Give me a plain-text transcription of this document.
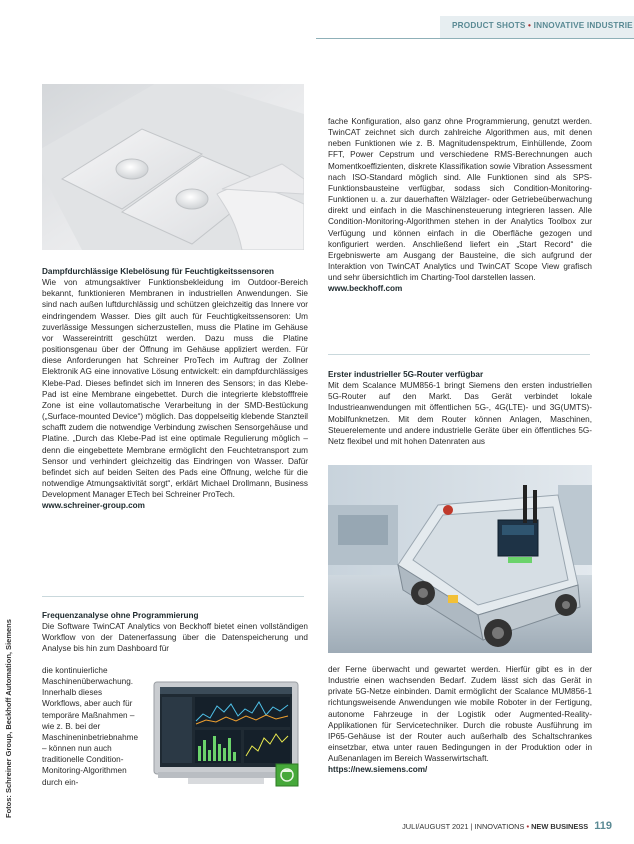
PRODUCT SHOTS • INNOVATIVE INDUSTRIE

Dampfdurchlässige Klebelösung für Feuchtigkeitssensoren

Wie von atmungsaktiver Funktionsbekleidung im Outdoor-Bereich bekannt, funktionieren Membranen in industriellen Anwendungen. Sie sind nach außen luftdurchlässig und schützen gleichzeitig das Innere vor eindringendem Wasser. Dies gilt auch für Feuchtigkeitssensoren: Um zuverlässige Messungen sicherzustellen, muss die Platine im Gehäuse vor Wassereintritt geschützt werden. Dazu muss die Platine positionsgenau über der Öffnung im Gehäuse appliziert werden. Für diese Anforderungen hat Schreiner ProTech im Auftrag der Zollner Elektronik AG eine innovative Lösung entwickelt: ein dampfdurchlässiges Klebe-Pad. Dieses befindet sich im Inneren des Sensors; in das Klebe-Pad ist eine Membrane eingebettet. Durch die integrierte klebstofffreie Zone ist eine vollautomatische Verarbeitung in der SMD-Bestückung („Surface-mounted Device“) möglich. Das doppelseitig klebende Stanzteil schafft zudem die notwendige Verbindung zwischen Sensorgehäuse und Platine. „Durch das Klebe-Pad ist eine optimale Regulierung möglich – denn die eingebettete Membrane ermöglicht den Feuchtetransport zum Sensor und verhindert gleichzeitig das Eindringen von Wasser. Dafür befindet sich auf beiden Seiten des Pads eine Öffnung, welche für die notwendige Atmungsaktivität sorgt“, erklärt Michael Drollmann, Business Development Manager ETech bei Schreiner ProTech.

www.schreiner-group.com

Frequenzanalyse ohne Programmierung

Die Software TwinCAT Analytics von Beckhoff bietet einen vollständigen Workflow von der Datenerfassung über die Datenspeicherung und Analyse bis hin zum Dashboard für

die kontinuierliche Maschinenüberwachung. Innerhalb dieses Workflows, aber auch für temporäre Maßnahmen – wie z. B. bei der Maschineninbetriebnahme – können nun auch traditionelle Condition-Monitoring-Algorithmen durch ein-

fache Konfiguration, also ganz ohne Programmierung, genutzt werden. TwinCAT zeichnet sich durch zahlreiche Algorithmen aus, mit denen neben Funktionen wie z. B. Magnitudenspektrum, Einhüllende, Zoom FFT, Power Cepstrum und verschiedene RMS-Berechnungen auch Momentkoeffizienten, diskrete Klassifikation sowie Vibration Assessment nach ISO-Standard möglich sind. Alle Funktionen sind als SPS-Funktionsbausteine verfügbar, sodass sich Condition-Monitoring-Funktionen u. a. zur dauerhaften Wälzlager- oder Getriebeüberwachung direkt und einfach in die Maschinensteuerung integrieren lassen. Alle Condition-Monitoring-Algorithmen stehen in der Analytics Toolbox zur Verfügung und können einfach in die Oberfläche gezogen und konfiguriert werden. Anschließend liefert ein „Start Record“ die Ergebniswerte am Ausgang der Bausteine, die sich aufgrund der Interaktion von TwinCAT Analytics und TwinCAT Scope View grafisch und sehr übersichtlich im Charting-Tool darstellen lassen.

www.beckhoff.com

Erster industrieller 5G-Router verfügbar

Mit dem Scalance MUM856-1 bringt Siemens den ersten industriellen 5G-Router auf den Markt. Das Gerät verbindet lokale Industrieanwendungen mit öffentlichen 5G-, 4G(LTE)- und 3G(UMTS)-Mobilfunknetzen. Mit dem Router können Anlagen, Maschinen, Steuerelemente und andere industrielle Geräte über ein öffentliches 5G-Netz flexibel und mit hohen Datenraten aus

der Ferne überwacht und gewartet werden. Hierfür gibt es in der Industrie einen wachsenden Bedarf. Zudem lässt sich das Gerät in private 5G-Netze einbinden. Damit ermöglicht der Scalance MUM856-1 richtungsweisende Anwendungen wie mobile Roboter in der Fertigung, autonome Fahrzeuge in der Logistik oder Augmented-Reality-Applikationen für Servicetechniker. Durch die robuste Ausführung im IP65-Gehäuse ist der Router auch außerhalb des Schaltschrankes einsetzbar, etwa unter rauen Bedingungen in der Produktion oder in Außenanlagen im Bereich Wasserwirtschaft.

https://new.siemens.com/

Fotos: Schreiner Group, Beckhoff Automation, Siemens
JULI/AUGUST 2021 | INNOVATIONS • NEW BUSINESS 119
